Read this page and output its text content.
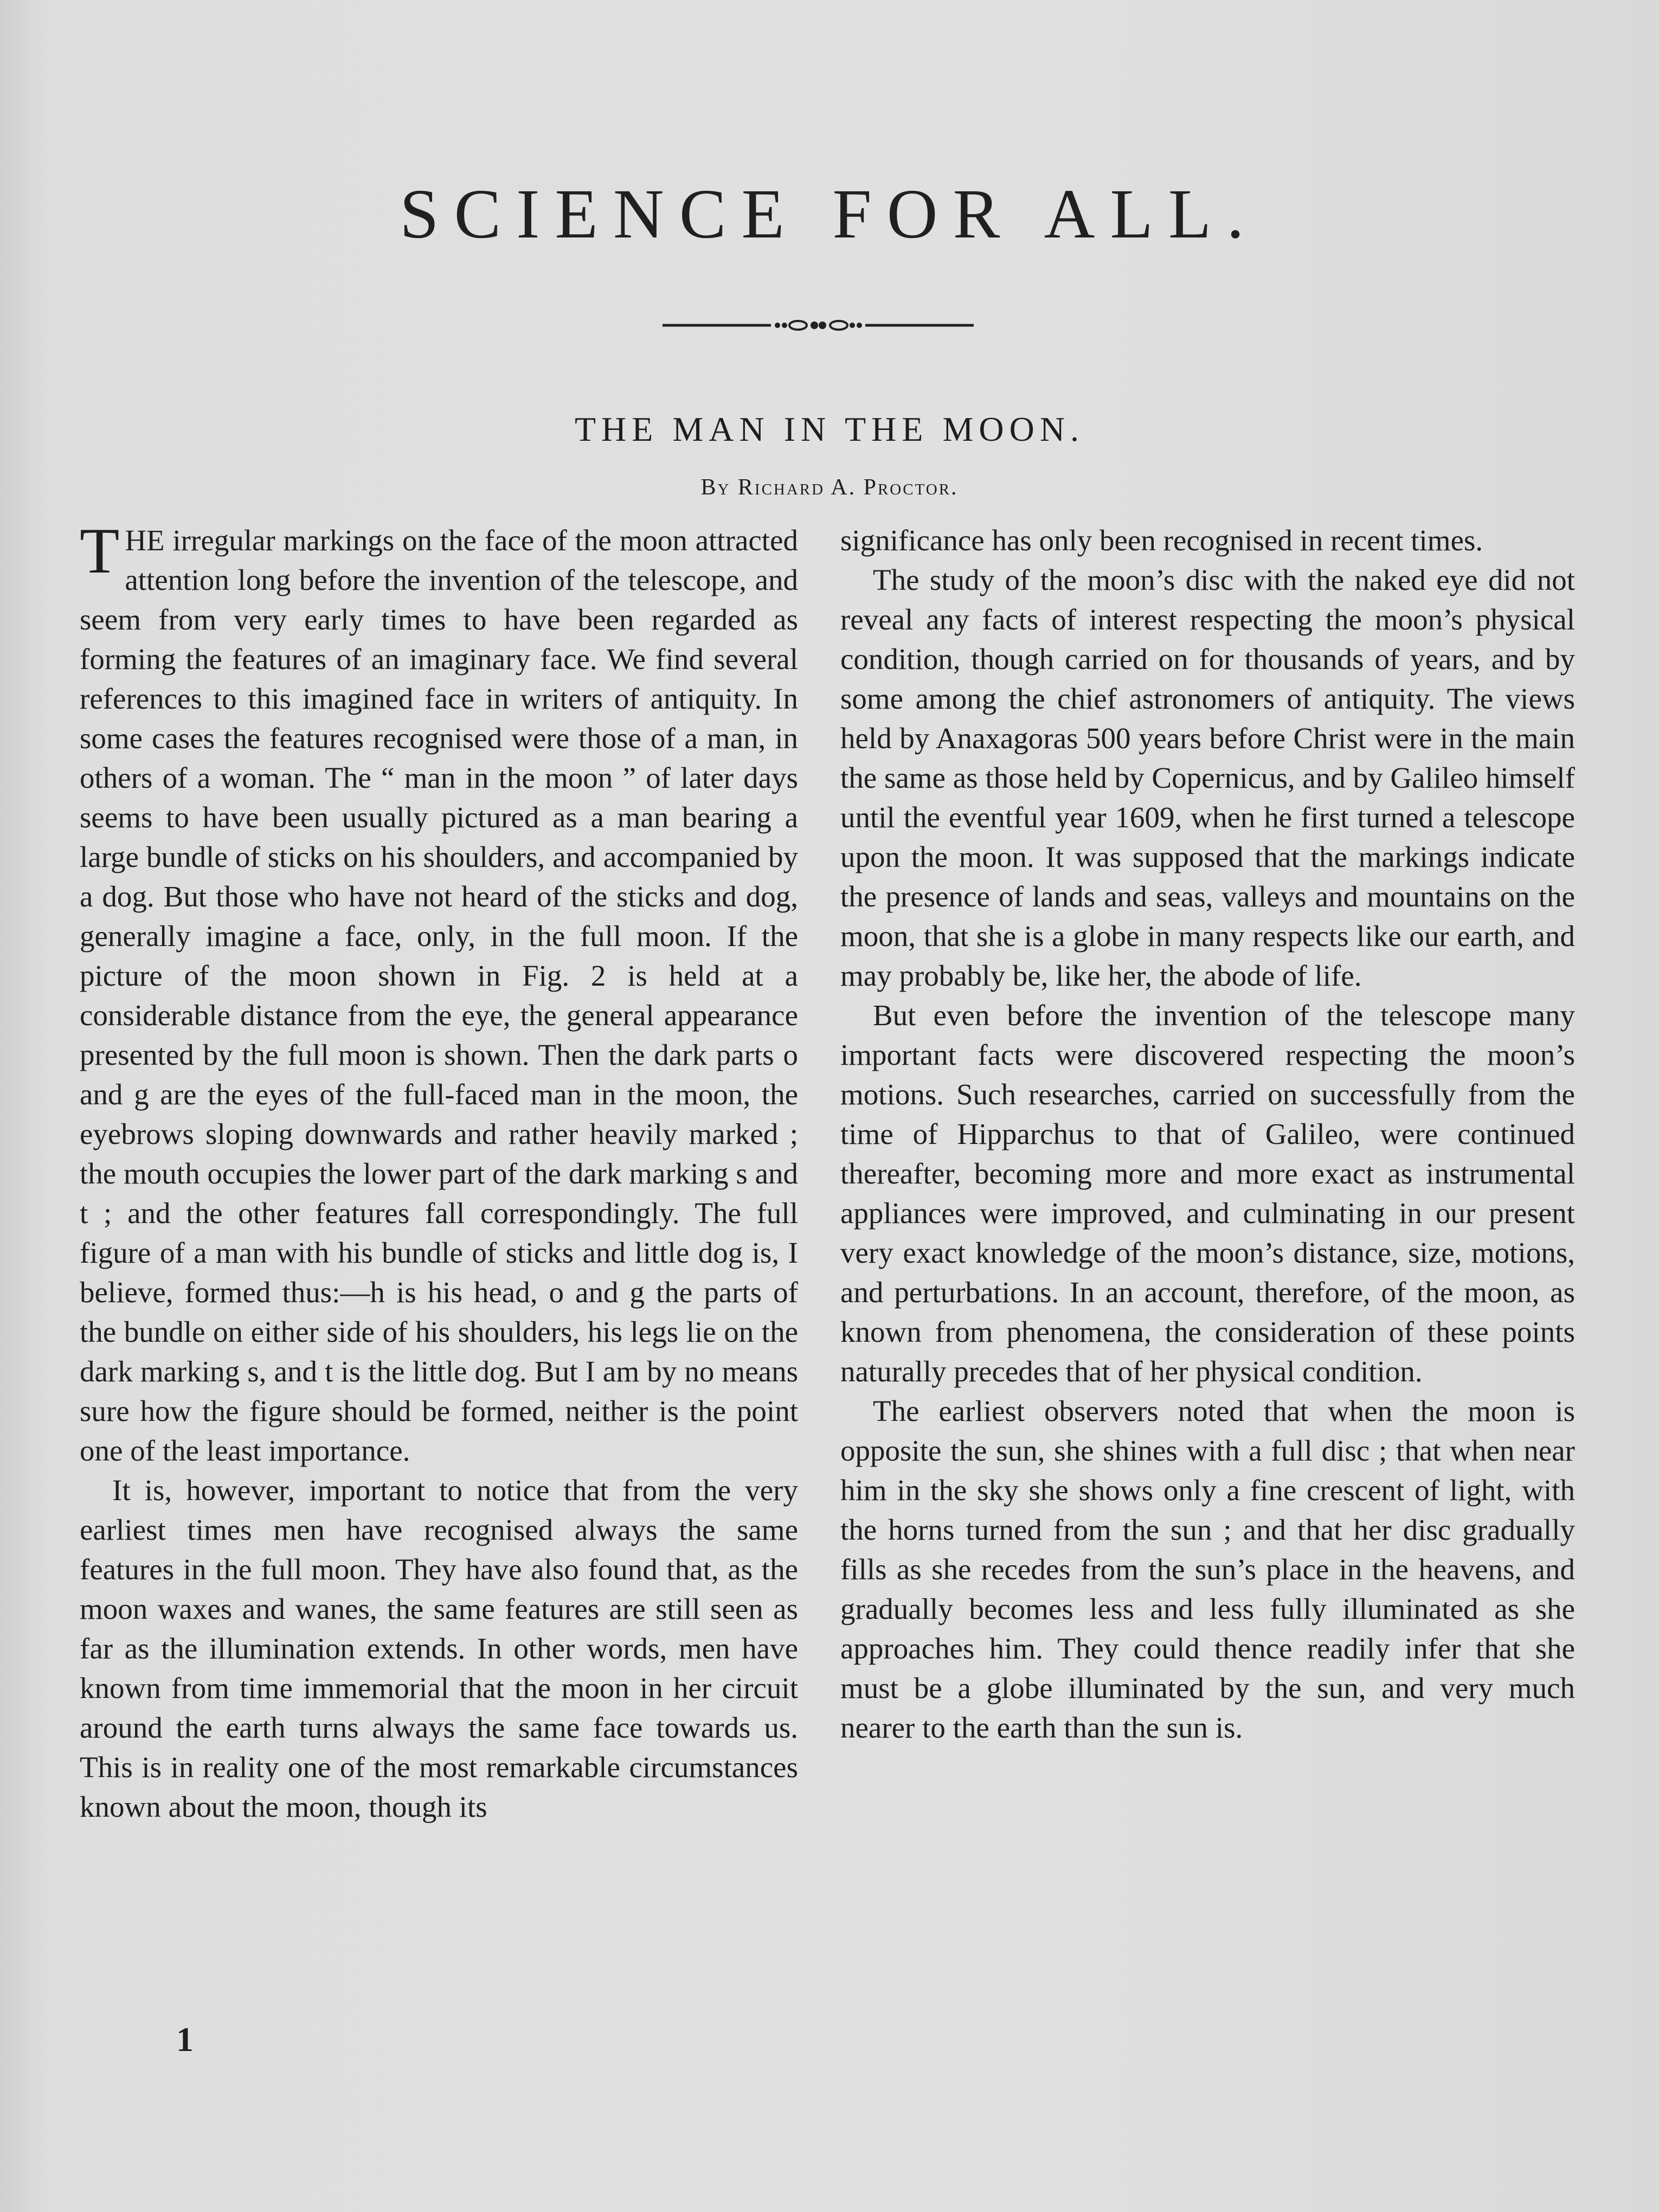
SCIENCE FOR ALL.
THE MAN IN THE MOON.
By Richard A. Proctor.

THE irregular markings on the face of the moon attracted attention long before the invention of the telescope, and seem from very early times to have been regarded as forming the features of an imaginary face. We find several references to this imagined face in writers of antiquity. In some cases the features recognised were those of a man, in others of a woman. The “ man in the moon ” of later days seems to have been usually pictured as a man bearing a large bundle of sticks on his shoulders, and accompanied by a dog. But those who have not heard of the sticks and dog, generally imagine a face, only, in the full moon. If the picture of the moon shown in Fig. 2 is held at a considerable distance from the eye, the general appearance presented by the full moon is shown. Then the dark parts o and g are the eyes of the full-faced man in the moon, the eyebrows sloping downwards and rather heavily marked ; the mouth occupies the lower part of the dark marking s and t ; and the other features fall correspondingly. The full figure of a man with his bundle of sticks and little dog is, I believe, formed thus:—h is his head, o and g the parts of the bundle on either side of his shoulders, his legs lie on the dark marking s, and t is the little dog. But I am by no means sure how the figure should be formed, neither is the point one of the least importance.

It is, however, important to notice that from the very earliest times men have recognised always the same features in the full moon. They have also found that, as the moon waxes and wanes, the same features are still seen as far as the illumination extends. In other words, men have known from time immemorial that the moon in her circuit around the earth turns always the same face towards us. This is in reality one of the most remarkable circumstances known about the moon, though its

significance has only been recognised in recent times.

The study of the moon’s disc with the naked eye did not reveal any facts of interest respecting the moon’s physical condition, though carried on for thousands of years, and by some among the chief astronomers of antiquity. The views held by Anaxagoras 500 years before Christ were in the main the same as those held by Copernicus, and by Galileo himself until the eventful year 1609, when he first turned a telescope upon the moon. It was supposed that the markings indicate the presence of lands and seas, valleys and mountains on the moon, that she is a globe in many respects like our earth, and may probably be, like her, the abode of life.

But even before the invention of the telescope many important facts were discovered respecting the moon’s motions. Such researches, carried on successfully from the time of Hipparchus to that of Galileo, were continued thereafter, becoming more and more exact as instrumental appliances were improved, and culminating in our present very exact knowledge of the moon’s distance, size, motions, and perturbations. In an account, therefore, of the moon, as known from phenomena, the consideration of these points naturally precedes that of her physical condition.

The earliest observers noted that when the moon is opposite the sun, she shines with a full disc ; that when near him in the sky she shows only a fine crescent of light, with the horns turned from the sun ; and that her disc gradually fills as she recedes from the sun’s place in the heavens, and gradually becomes less and less fully illuminated as she approaches him. They could thence readily infer that she must be a globe illuminated by the sun, and very much nearer to the earth than the sun is.

1
